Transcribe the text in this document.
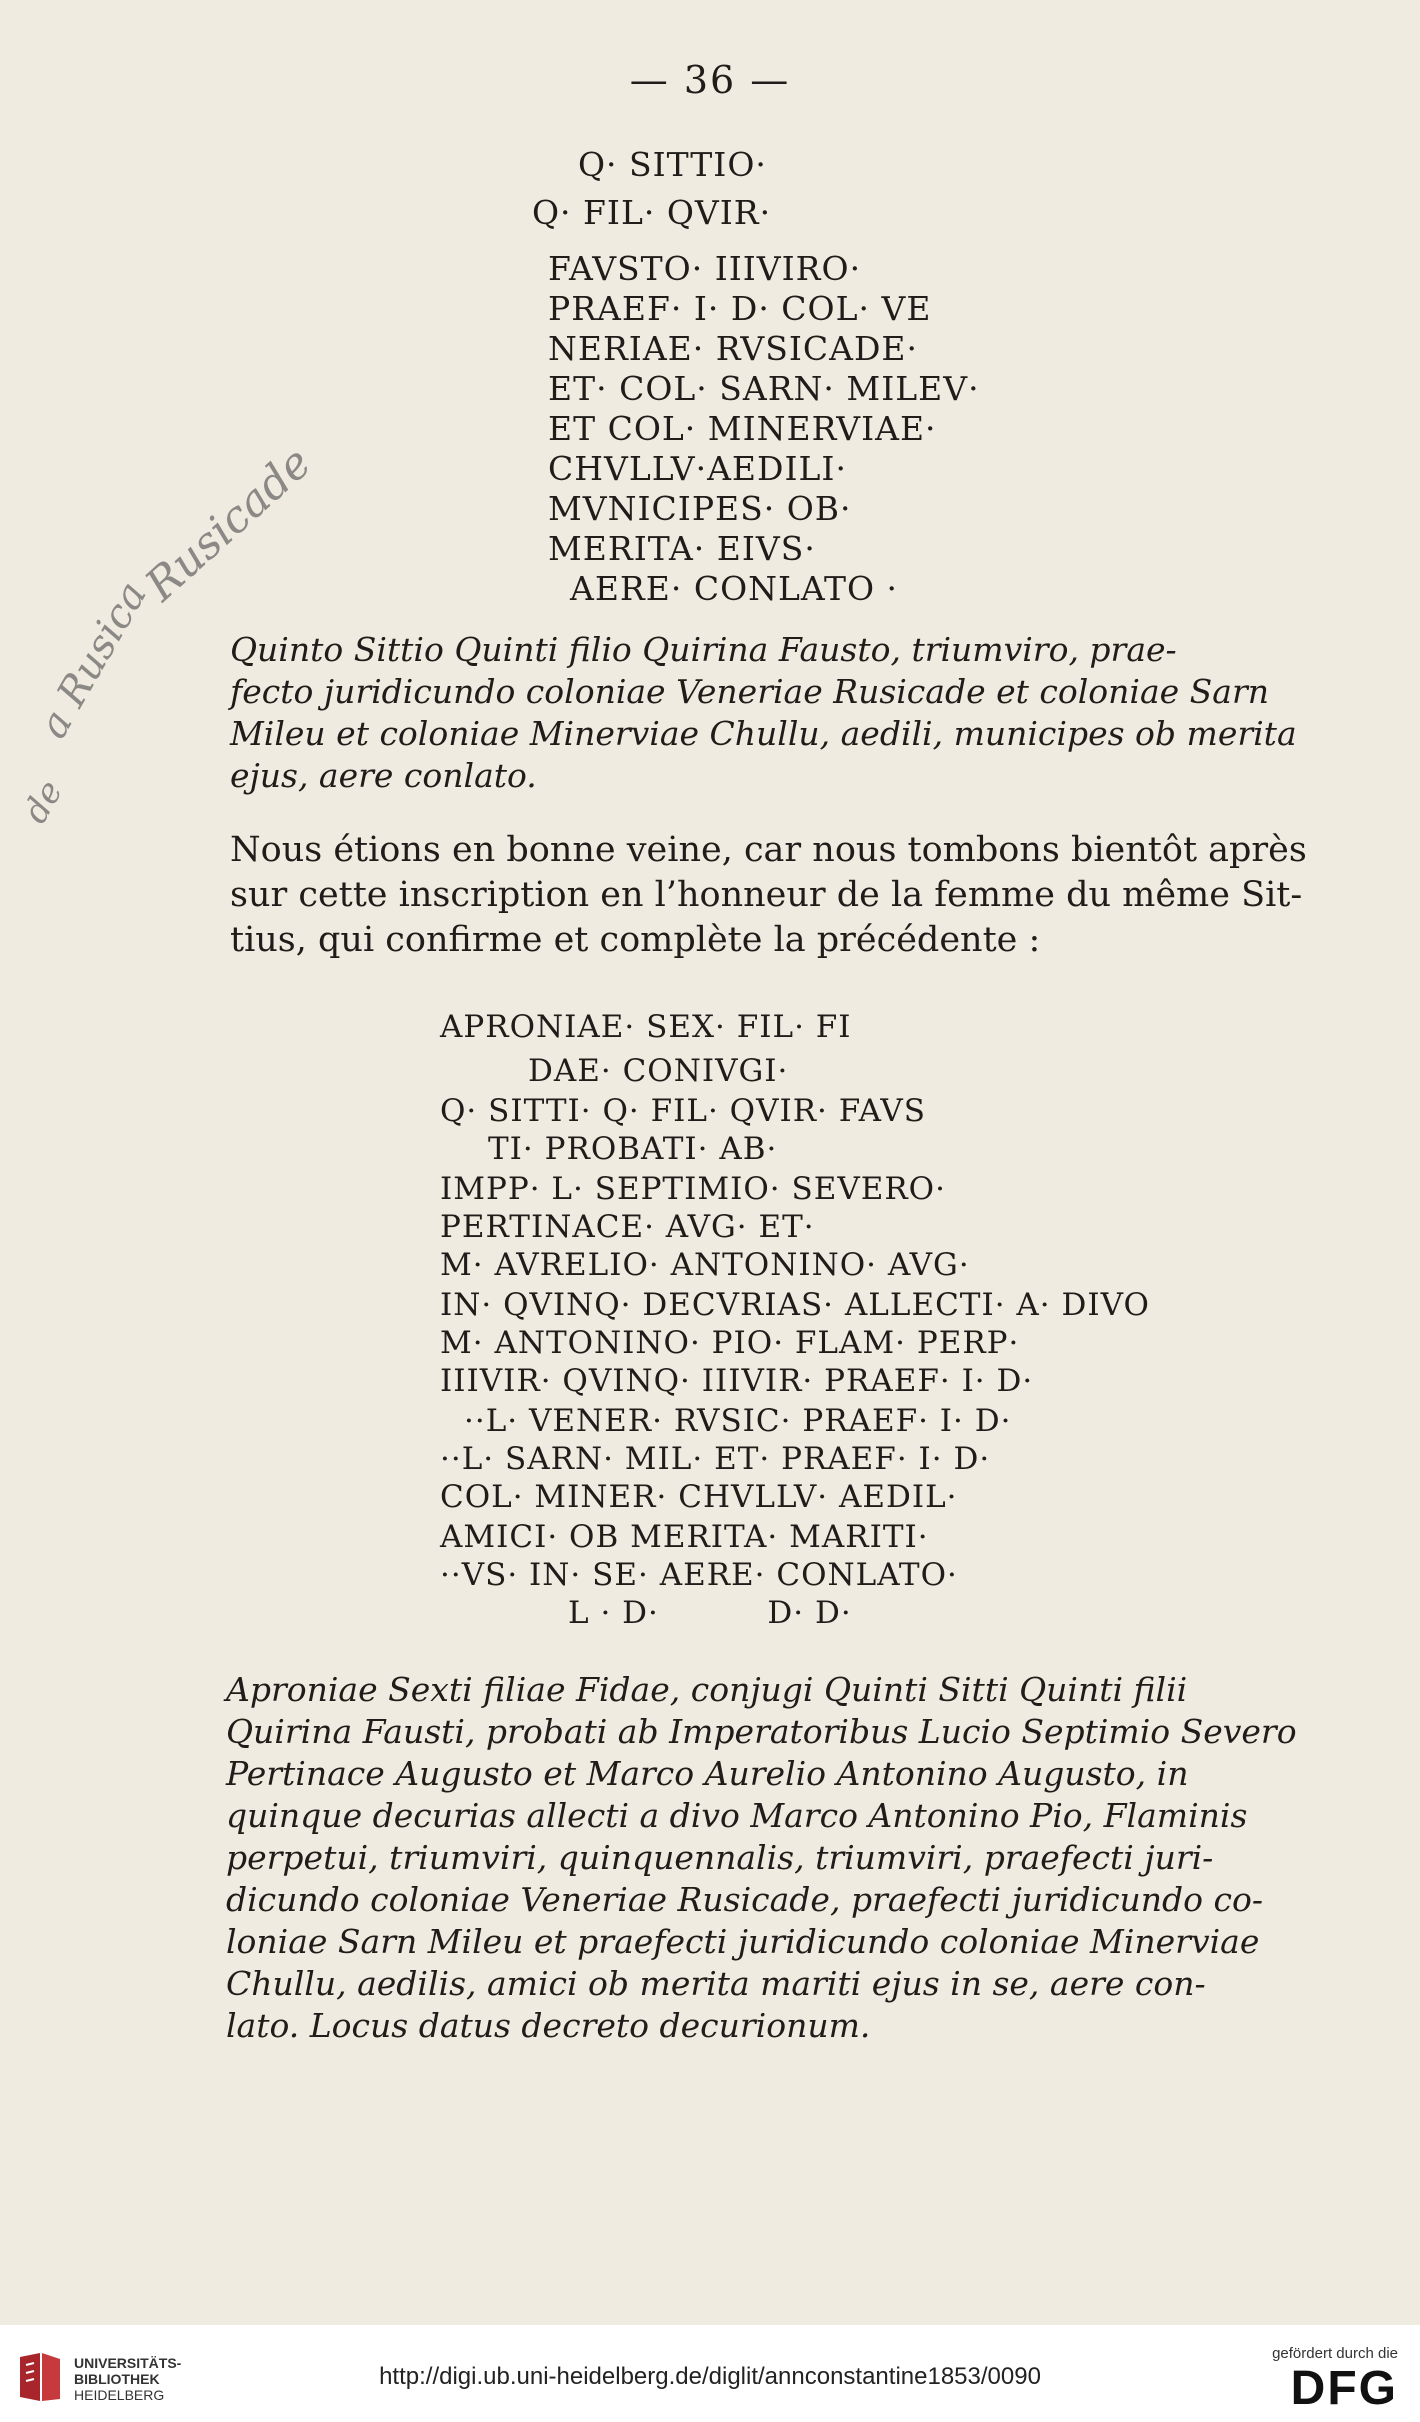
— 36 —
Q· SITTIO·
Q· FIL· QVIR·
FAVSTO· IIIVIRO·
PRAEF· I· D· COL· VE
NERIAE· RVSICADE·
ET· COL· SARN· MILEV·
ET COL· MINERVIAE·
CHVLLV·AEDILI·
MVNICIPES· OB·
MERITA· EIVS·
AERE· CONLATO ·
Quinto Sittio Quinti filio Quirina Fausto, triumviro, prae-
fecto juridicundo coloniae Veneriae Rusicade et coloniae Sarn
Mileu et coloniae Minerviae Chullu, aedili, municipes ob merita
ejus, aere conlato.
Nous étions en bonne veine, car nous tombons bientôt après
sur cette inscription en l’honneur de la femme du même Sit-
tius, qui confirme et complète la précédente :
APRONIAE· SEX· FIL· FI
DAE· CONIVGI·
Q· SITTI· Q· FIL· QVIR· FAVS
TI· PROBATI· AB·
IMPP· L· SEPTIMIO· SEVERO·
PERTINACE· AVG· ET·
M· AVRELIO· ANTONINO· AVG·
IN· QVINQ· DECVRIAS· ALLECTI· A· DIVO
M· ANTONINO· PIO· FLAM· PERP·
IIIVIR· QVINQ· IIIVIR· PRAEF· I· D·
··L· VENER· RVSIC· PRAEF· I· D·
··L· SARN· MIL· ET· PRAEF· I· D·
COL· MINER· CHVLLV· AEDIL·
AMICI· OB MERITA· MARITI·
··VS· IN· SE· AERE· CONLATO·
L · D·          D· D·
Aproniae Sexti filiae Fidae, conjugi Quinti Sitti Quinti filii
Quirina Fausti, probati ab Imperatoribus Lucio Septimio Severo
Pertinace Augusto et Marco Aurelio Antonino Augusto, in
quinque decurias allecti a divo Marco Antonino Pio, Flaminis
perpetui, triumviri, quinquennalis, triumviri, praefecti juri-
dicundo coloniae Veneriae Rusicade, praefecti juridicundo co-
loniae Sarn Mileu et praefecti juridicundo coloniae Minerviae
Chullu, aedilis, amici ob merita mariti ejus in se, aere con-
lato. Locus datus decreto decurionum.
Rusicade
a Rusica
de
UNIVERSITÄTS-
BIBLIOTHEK
HEIDELBERG
http://digi.ub.uni-heidelberg.de/diglit/annconstantine1853/0090
gefördert durch die
DFG
